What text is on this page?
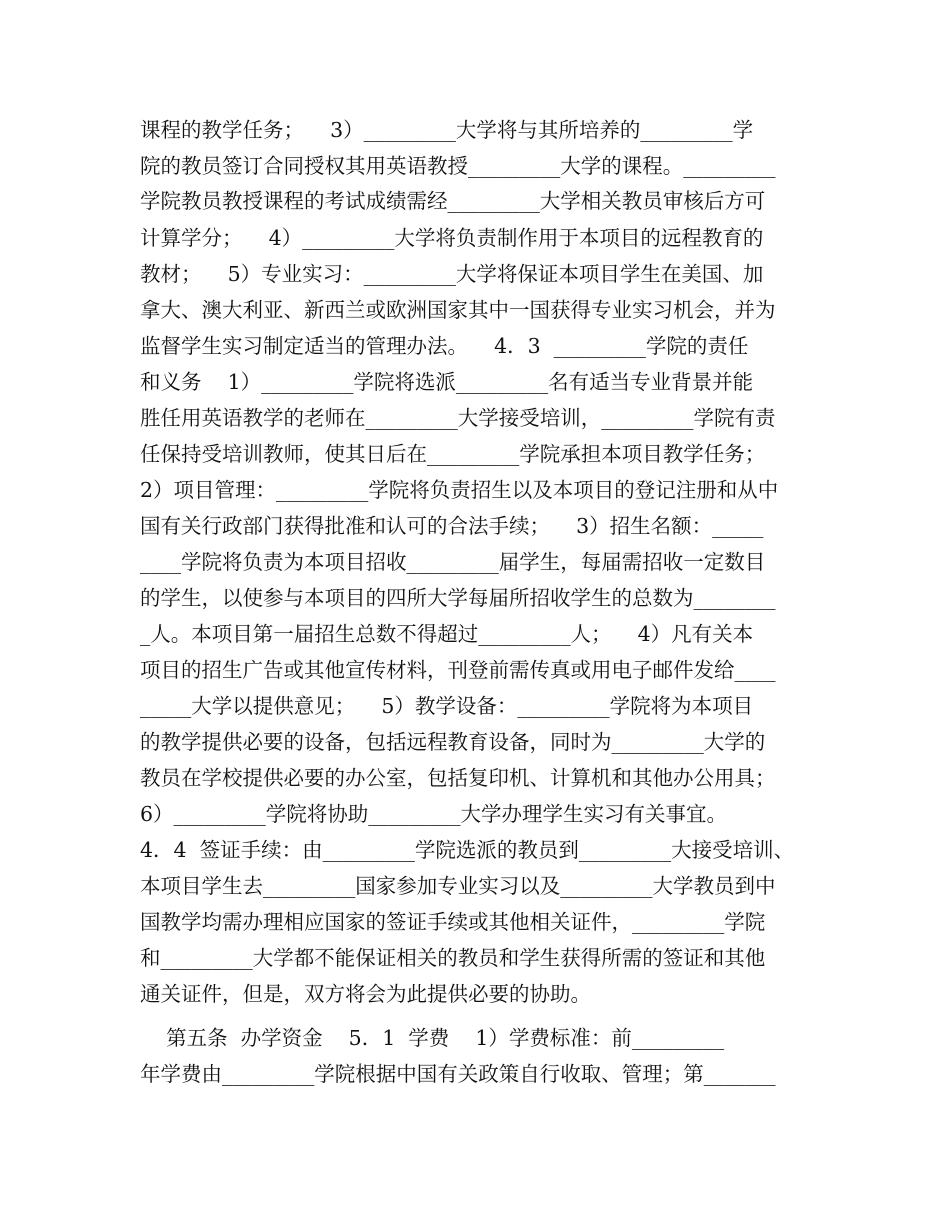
课程的教学任务；    3）_________大学将与其所培养的_________学
院的教员签订合同授权其用英语教授_________大学的课程。_________
学院教员教授课程的考试成绩需经_________大学相关教员审核后方可
计算学分；    4）_________大学将负责制作用于本项目的远程教育的
教材；    5）专业实习：_________大学将保证本项目学生在美国、加
拿大、澳大利亚、新西兰或欧洲国家其中一国获得专业实习机会，并为
监督学生实习制定适当的管理办法。    4．3  _________学院的责任
和义务    1）_________学院将选派_________名有适当专业背景并能
胜任用英语教学的老师在_________大学接受培训，_________学院有责
任保持受培训教师，使其日后在_________学院承担本项目教学任务；
2）项目管理：_________学院将负责招生以及本项目的登记注册和从中
国有关行政部门获得批准和认可的合法手续；    3）招生名额：_____
____学院将负责为本项目招收_________届学生，每届需招收一定数目
的学生，以使参与本项目的四所大学每届所招收学生的总数为________
_人。本项目第一届招生总数不得超过_________人；    4）凡有关本
项目的招生广告或其他宣传材料，刊登前需传真或用电子邮件发给____
_____大学以提供意见；    5）教学设备：_________学院将为本项目
的教学提供必要的设备，包括远程教育设备，同时为_________大学的
教员在学校提供必要的办公室，包括复印机、计算机和其他办公用具；
6）_________学院将协助_________大学办理学生实习有关事宜。
4．4  签证手续：由_________学院选派的教员到_________大接受培训、
本项目学生去_________国家参加专业实习以及_________大学教员到中
国教学均需办理相应国家的签证手续或其他相关证件，_________学院
和_________大学都不能保证相关的教员和学生获得所需的签证和其他
通关证件，但是，双方将会为此提供必要的协助。
第五条  办学资金    5．1  学费    1）学费标准：前_________
年学费由_________学院根据中国有关政策自行收取、管理；第_______
